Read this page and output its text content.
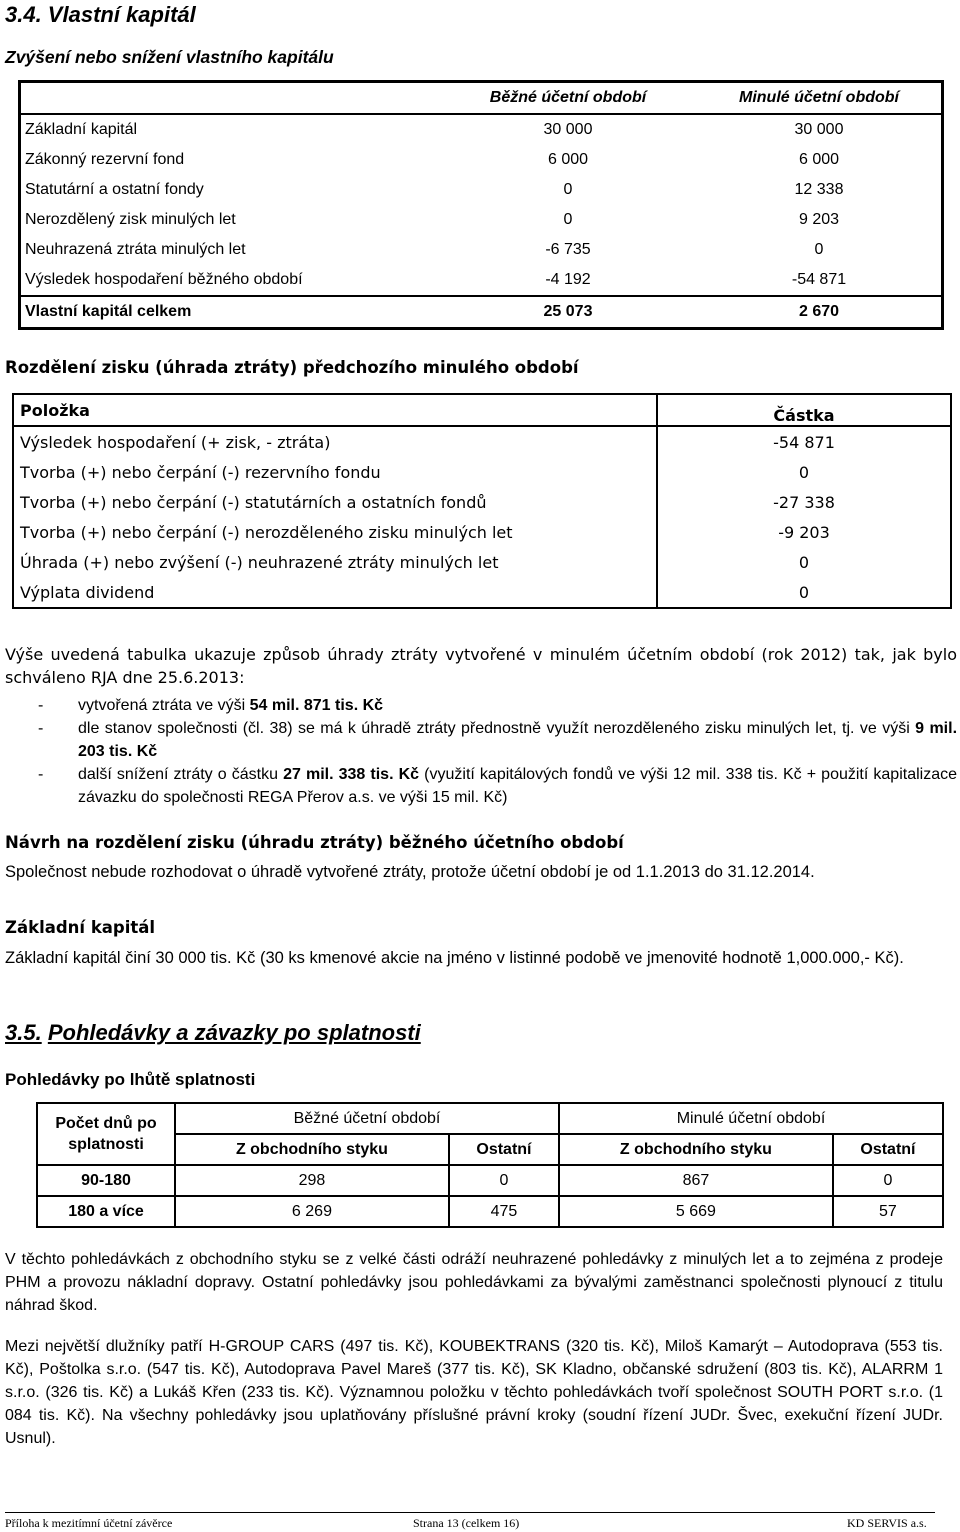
3.4. Vlastní kapitál
Zvýšení nebo snížení vlastního kapitálu
	Běžné účetní období	Minulé účetní období
Základní kapitál	30 000	30 000
Zákonný rezervní fond	6 000	6 000
Statutární a ostatní fondy	0	12 338
Nerozdělený zisk minulých let	0	9 203
Neuhrazená ztráta minulých let	-6 735	0
Výsledek hospodaření běžného období	-4 192	-54 871
Vlastní kapitál celkem	25 073	2 670
Rozdělení zisku (úhrada ztráty) předchozího minulého období
Položka	Částka
Výsledek hospodaření (+ zisk, - ztráta)	-54 871
Tvorba (+) nebo čerpání (-) rezervního fondu	0
Tvorba (+) nebo čerpání (-) statutárních a ostatních fondů	-27 338
Tvorba (+) nebo čerpání (-) nerozděleného zisku minulých let	-9 203
Úhrada (+) nebo zvýšení (-) neuhrazené ztráty minulých let	0
Výplata dividend	0
Výše uvedená tabulka ukazuje způsob úhrady ztráty vytvořené v minulém účetním období (rok 2012) tak, jak bylo schváleno RJA dne 25.6.2013:
- vytvořená ztráta ve výši 54 mil. 871 tis. Kč
- dle stanov společnosti (čl. 38) se má k úhradě ztráty přednostně využít nerozděleného zisku minulých let, tj. ve výši 9 mil. 203 tis. Kč
- další snížení ztráty o částku 27 mil. 338 tis. Kč (využití kapitálových fondů ve výši 12 mil. 338 tis. Kč + použití kapitalizace závazku do společnosti REGA Přerov a.s. ve výši 15 mil. Kč)
Návrh na rozdělení zisku (úhradu ztráty) běžného účetního období
Společnost nebude rozhodovat o úhradě vytvořené ztráty, protože účetní období je od 1.1.2013 do 31.12.2014.
Základní kapitál
Základní kapitál činí 30 000 tis. Kč (30 ks kmenové akcie na jméno v listinné podobě ve jmenovité hodnotě 1,000.000,- Kč).
3.5. Pohledávky a závazky po splatnosti
Pohledávky po lhůtě splatnosti
Počet dnů po splatnosti	Běžné účetní období		Minulé účetní období	
	Z obchodního styku	Ostatní	Z obchodního styku	Ostatní
90-180	298	0	867	0
180 a více	6 269	475	5 669	57
V těchto pohledávkách z obchodního styku se z velké části odráží neuhrazené pohledávky z minulých let a to zejména z prodeje PHM a provozu nákladní dopravy. Ostatní pohledávky jsou pohledávkami za bývalými zaměstnanci společnosti plynoucí z titulu náhrad škod.
Mezi největší dlužníky patří H-GROUP CARS (497 tis. Kč), KOUBEKTRANS (320 tis. Kč), Miloš Kamarýt – Autodoprava (553 tis. Kč), Poštolka s.r.o. (547 tis. Kč), Autodoprava Pavel Mareš (377 tis. Kč), SK Kladno, občanské sdružení (803 tis. Kč), ALARRM 1 s.r.o. (326 tis. Kč) a Lukáš Křen (233 tis. Kč). Významnou položku v těchto pohledávkách tvoří společnost SOUTH PORT s.r.o. (1 084 tis. Kč). Na všechny pohledávky jsou uplatňovány příslušné právní kroky (soudní řízení JUDr. Švec, exekuční řízení JUDr. Usnul).
Příloha k mezitímní účetní závěrce	Strana 13 (celkem 16)	KD SERVIS a.s.
